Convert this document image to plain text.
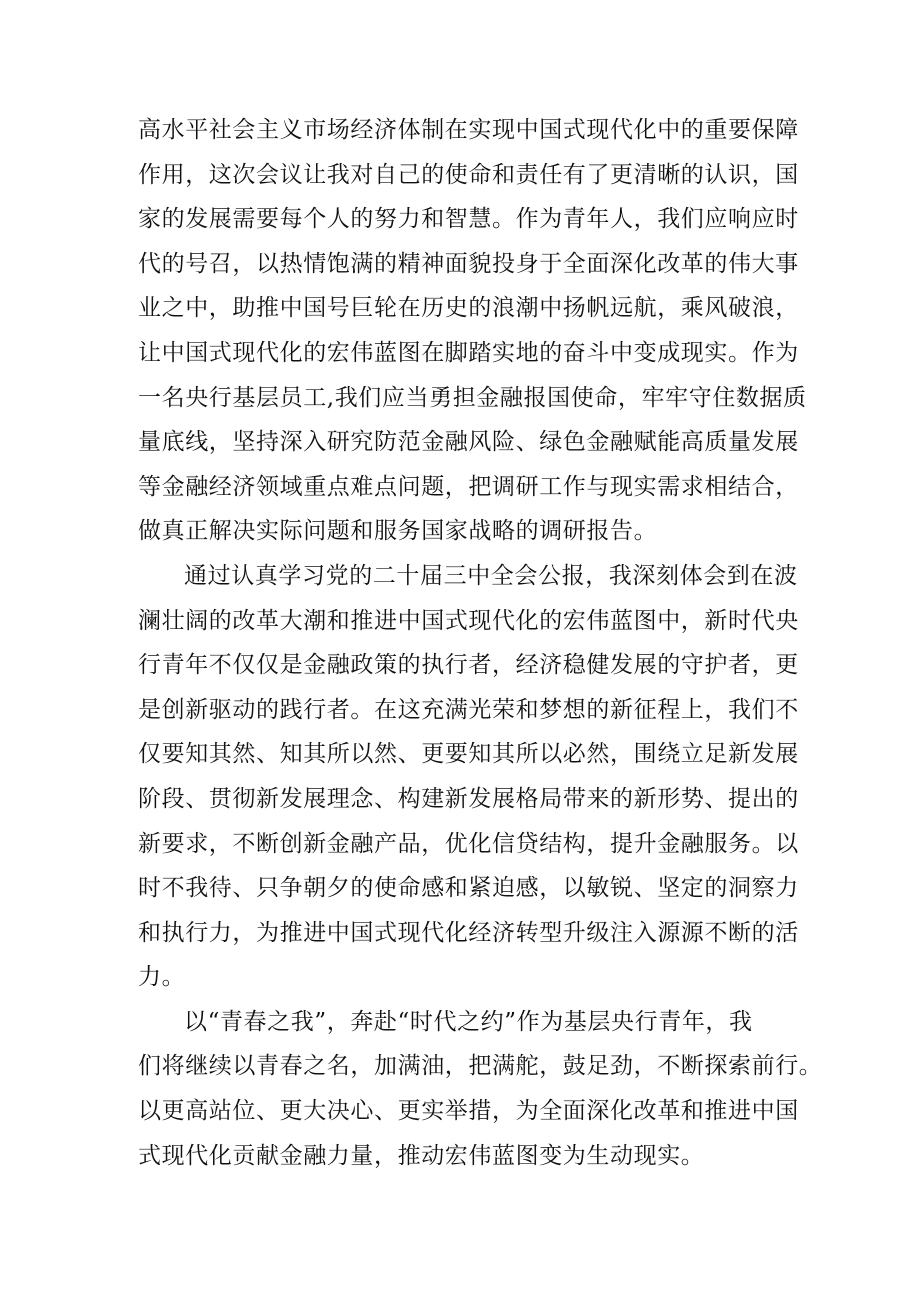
高水平社会主义市场经济体制在实现中国式现代化中的重要保障
作用，这次会议让我对自己的使命和责任有了更清晰的认识，国
家的发展需要每个人的努力和智慧。作为青年人，我们应响应时
代的号召，以热情饱满的精神面貌投身于全面深化改革的伟大事
业之中，助推中国号巨轮在历史的浪潮中扬帆远航，乘风破浪，
让中国式现代化的宏伟蓝图在脚踏实地的奋斗中变成现实。作为
一名央行基层员工,我们应当勇担金融报国使命，牢牢守住数据质
量底线，坚持深入研究防范金融风险、绿色金融赋能高质量发展
等金融经济领域重点难点问题，把调研工作与现实需求相结合，
做真正解决实际问题和服务国家战略的调研报告。

通过认真学习党的二十届三中全会公报，我深刻体会到在波
澜壮阔的改革大潮和推进中国式现代化的宏伟蓝图中，新时代央
行青年不仅仅是金融政策的执行者，经济稳健发展的守护者，更
是创新驱动的践行者。在这充满光荣和梦想的新征程上，我们不
仅要知其然、知其所以然、更要知其所以必然，围绕立足新发展
阶段、贯彻新发展理念、构建新发展格局带来的新形势、提出的
新要求，不断创新金融产品，优化信贷结构，提升金融服务。以
时不我待、只争朝夕的使命感和紧迫感，以敏锐、坚定的洞察力
和执行力，为推进中国式现代化经济转型升级注入源源不断的活
力。

以“青春之我”，奔赴“时代之约”作为基层央行青年，我
们将继续以青春之名，加满油，把满舵，鼓足劲，不断探索前行。
以更高站位、更大决心、更实举措，为全面深化改革和推进中国
式现代化贡献金融力量，推动宏伟蓝图变为生动现实。
